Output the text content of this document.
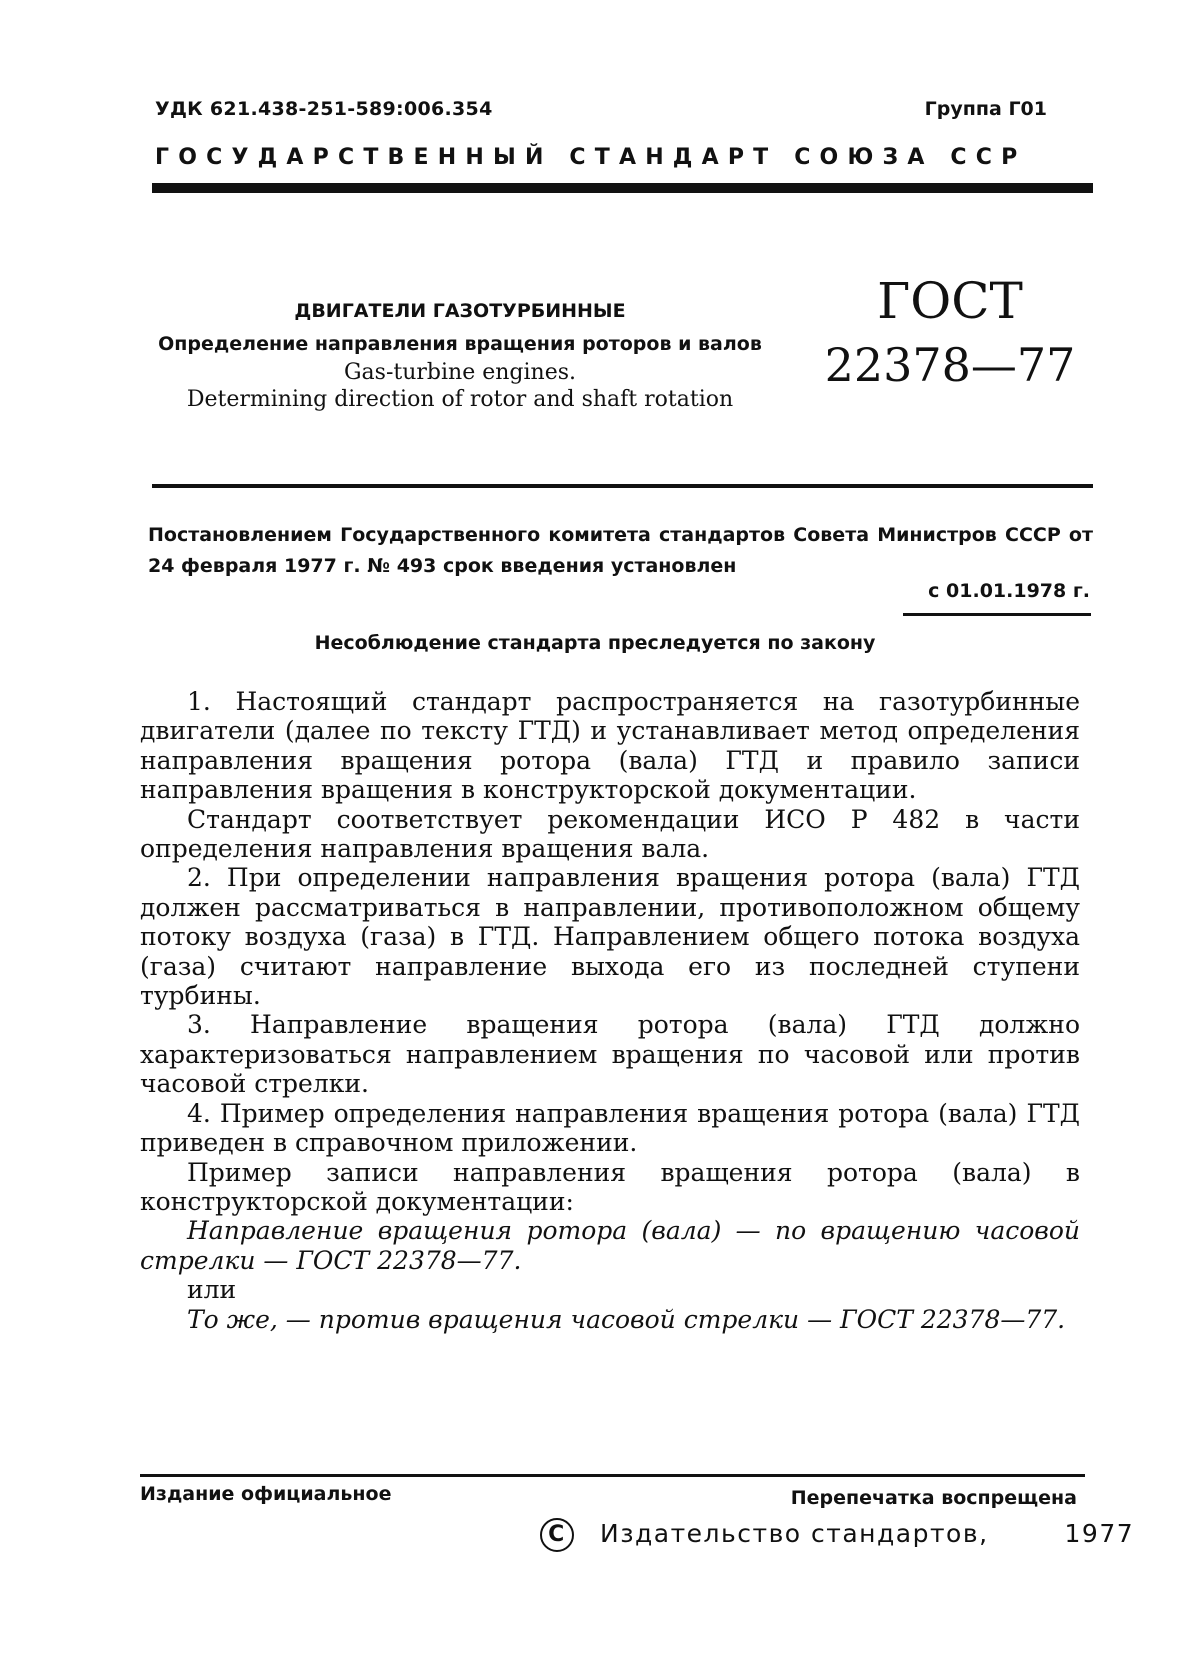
УДК 621.438-251-589:006.354	Группа Г01
ГОСУДАРСТВЕННЫЙ СТАНДАРТ СОЮЗА ССР
ДВИГАТЕЛИ ГАЗОТУРБИННЫЕ
Определение направления вращения роторов и валов
Gas-turbine engines.
Determining direction of rotor and shaft rotation
ГОСТ
22378—77
Постановлением Государственного комитета стандартов Совета Министров СССР от 24 февраля 1977 г. № 493 срок введения установлен
с 01.01.1978 г.
Несоблюдение стандарта преследуется по закону

1. Настоящий стандарт распространяется на газотурбинные двигатели (далее по тексту ГТД) и устанавливает метод определения направления вращения ротора (вала) ГТД и правило записи направления вращения в конструкторской документации.

Стандарт соответствует рекомендации ИСО Р 482 в части определения направления вращения вала.

2. При определении направления вращения ротора (вала) ГТД должен рассматриваться в направлении, противоположном общему потоку воздуха (газа) в ГТД. Направлением общего потока воздуха (газа) считают направление выхода его из последней ступени турбины.

3. Направление вращения ротора (вала) ГТД должно характеризоваться направлением вращения по часовой или против часовой стрелки.

4. Пример определения направления вращения ротора (вала) ГТД приведен в справочном приложении.

Пример записи направления вращения ротора (вала) в конструкторской документации:

Направление вращения ротора (вала) — по вращению часовой стрелки — ГОСТ 22378—77.

или

То же, — против вращения часовой стрелки — ГОСТ 22378—77.

Издание официальное	Перепечатка воспрещена
C Издательство стандартов,	1977
